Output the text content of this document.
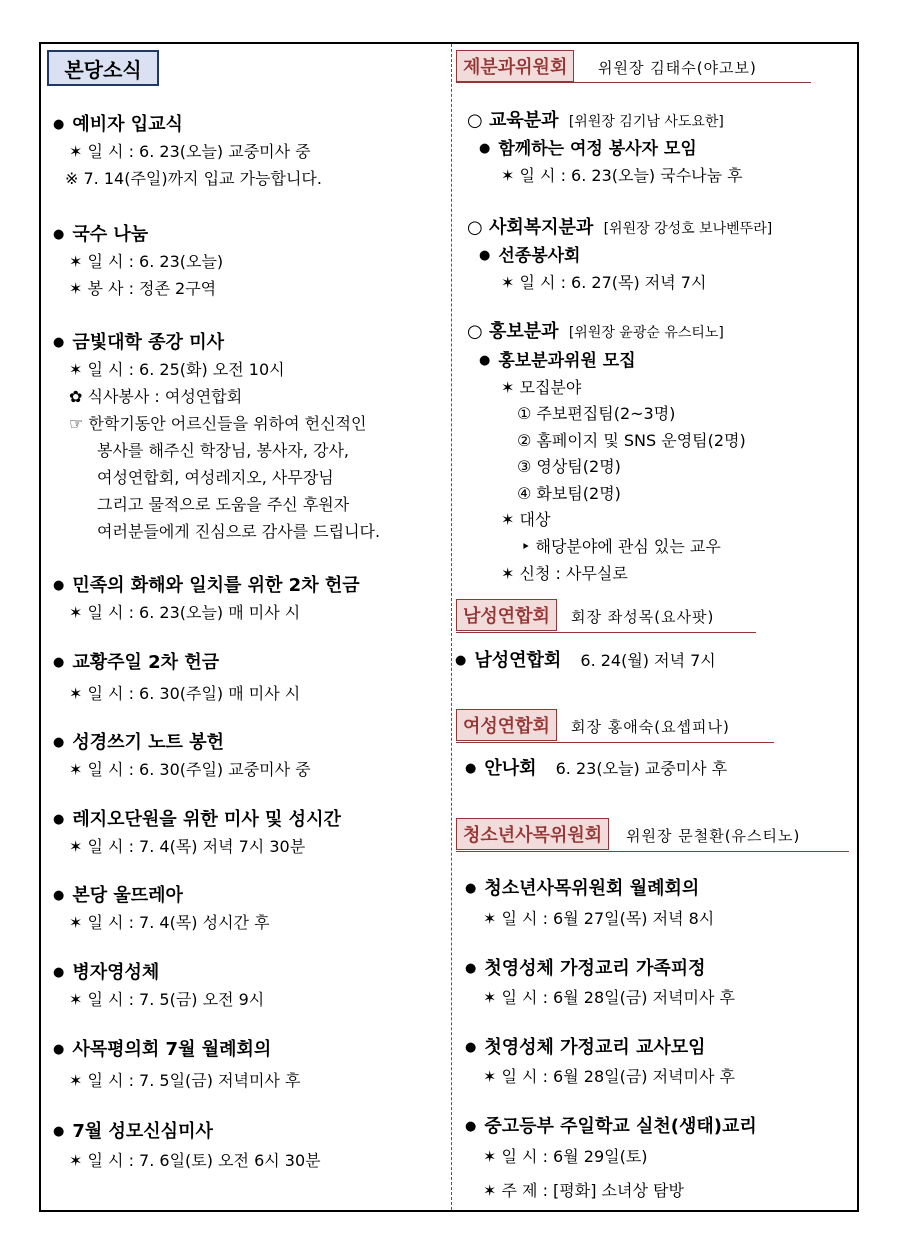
본당소식
● 예비자 입교식
✶ 일 시 : 6. 23(오늘) 교중미사 중
※ 7. 14(주일)까지 입교 가능합니다.
● 국수 나눔
✶ 일 시 : 6. 23(오늘)
✶ 봉 사 : 정존 2구역
● 금빛대학 종강 미사
✶ 일 시 : 6. 25(화) 오전 10시
✿ 식사봉사 : 여성연합회
☞ 한학기동안 어르신들을 위하여 헌신적인
봉사를 해주신 학장님, 봉사자, 강사,
여성연합회, 여성레지오, 사무장님
그리고 물적으로 도움을 주신 후원자
여러분들에게 진심으로 감사를 드립니다.
● 민족의 화해와 일치를 위한 2차 헌금
✶ 일 시 : 6. 23(오늘) 매 미사 시
● 교황주일 2차 헌금
✶ 일 시 : 6. 30(주일) 매 미사 시
● 성경쓰기 노트 봉헌
✶ 일 시 : 6. 30(주일) 교중미사 중
● 레지오단원을 위한 미사 및 성시간
✶ 일 시 : 7. 4(목) 저녁 7시 30분
● 본당 울뜨레아
✶ 일 시 : 7. 4(목) 성시간 후
● 병자영성체
✶ 일 시 : 7. 5(금) 오전 9시
● 사목평의회 7월 월례회의
✶ 일 시 : 7. 5일(금) 저녁미사 후
● 7월 성모신심미사
✶ 일 시 : 7. 6일(토) 오전 6시 30분
제분과위원회	위원장 김태수(야고보)
○ 교육분과 [위원장 김기남 사도요한]
● 함께하는 여정 봉사자 모임
✶ 일 시 : 6. 23(오늘) 국수나눔 후
○ 사회복지분과 [위원장 강성호 보나벤뚜라]
● 선종봉사회
✶ 일 시 : 6. 27(목) 저녁 7시
○ 홍보분과 [위원장 윤광순 유스티노]
● 홍보분과위원 모집
✶ 모집분야
① 주보편집팀(2~3명)
② 홈페이지 및 SNS 운영팀(2명)
③ 영상팀(2명)
④ 화보팀(2명)
✶ 대상
‣ 해당분야에 관심 있는 교우
✶ 신청 : 사무실로
남성연합회	회장 좌성목(요사팟)
● 남성연합회 6. 24(월) 저녁 7시
여성연합회	회장 홍애숙(요셉피나)
● 안나회 6. 23(오늘) 교중미사 후
청소년사목위원회	위원장 문철환(유스티노)
● 청소년사목위원회 월례회의
✶ 일 시 : 6월 27일(목) 저녁 8시
● 첫영성체 가정교리 가족피정
✶ 일 시 : 6월 28일(금) 저녁미사 후
● 첫영성체 가정교리 교사모임
✶ 일 시 : 6월 28일(금) 저녁미사 후
● 중고등부 주일학교 실천(생태)교리
✶ 일 시 : 6월 29일(토)
✶ 주 제 : [평화] 소녀상 탐방
